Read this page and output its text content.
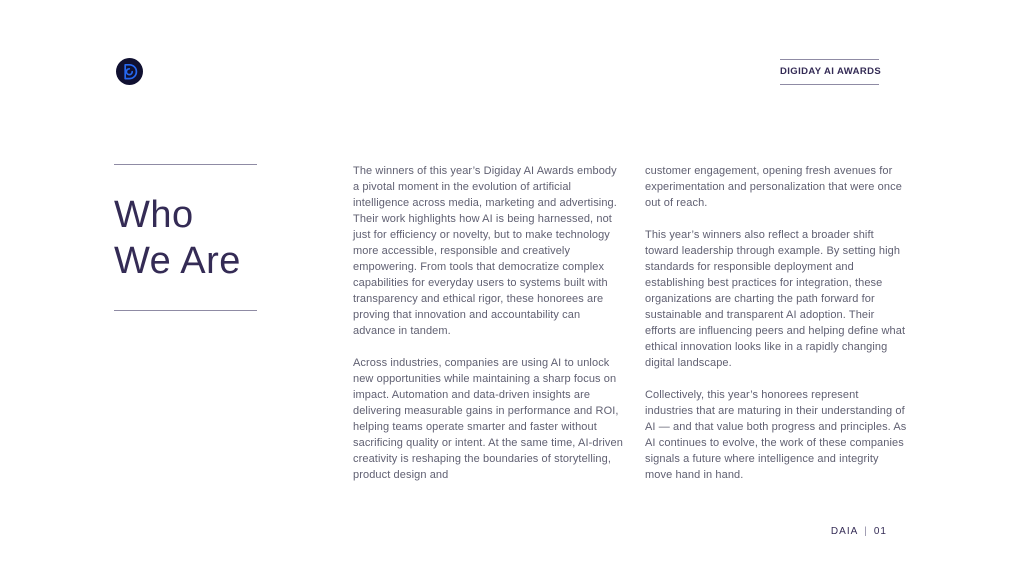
DIGIDAY AI AWARDS
Who
We Are

The winners of this year’s Digiday AI Awards embody a pivotal moment in the evolution of artificial intelligence across media, marketing and advertising. Their work highlights how AI is being harnessed, not just for efficiency or novelty, but to make technology more accessible, responsible and creatively empowering. From tools that democratize complex capabilities for everyday users to systems built with transparency and ethical rigor, these honorees are proving that innovation and accountability can advance in tandem.

Across industries, companies are using AI to unlock new opportunities while maintaining a sharp focus on impact. Automation and data-driven insights are delivering measurable gains in performance and ROI, helping teams operate smarter and faster without sacrificing quality or intent. At the same time, AI-driven creativity is reshaping the boundaries of storytelling, product design and

customer engagement, opening fresh avenues for experimentation and personalization that were once out of reach.

This year’s winners also reflect a broader shift toward leadership through example. By setting high standards for responsible deployment and establishing best practices for integration, these organizations are charting the path forward for sustainable and transparent AI adoption. Their efforts are influencing peers and helping define what ethical innovation looks like in a rapidly changing digital landscape.

Collectively, this year’s honorees represent industries that are maturing in their understanding of AI — and that value both progress and principles. As AI continues to evolve, the work of these companies signals a future where intelligence and integrity move hand in hand.

DAIA | 01
